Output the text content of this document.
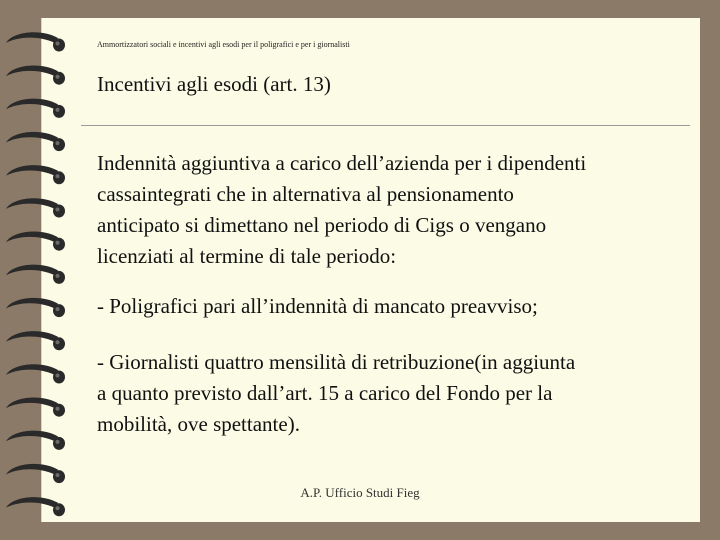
Ammortizzatori sociali e incentivi agli esodi per il poligrafici e per i giornalisti
Incentivi agli esodi (art. 13)
Indennità aggiuntiva a carico dell’azienda per i dipendenti
cassaintegrati che in alternativa al pensionamento
anticipato si dimettano nel periodo di Cigs o vengano
licenziati al termine di tale periodo:
- Poligrafici pari all’indennità di mancato preavviso;
- Giornalisti quattro mensilità di retribuzione(in aggiunta
a quanto previsto dall’art. 15 a carico del Fondo per la
mobilità, ove spettante).
A.P. Ufficio Studi Fieg
